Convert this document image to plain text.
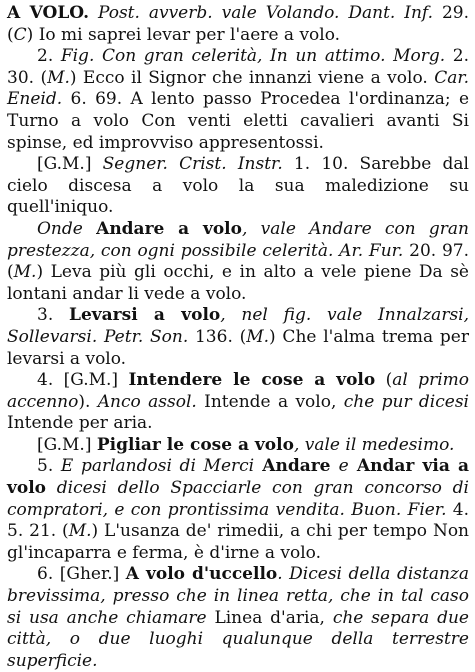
A VOLO. Post. avverb. vale Volando. Dant. Inf. 29. (C) Io mi saprei levar per l'aere a volo.

2. Fig. Con gran celerità, In un attimo. Morg. 2. 30. (M.) Ecco il Signor che innanzi viene a volo. Car. Eneid. 6. 69. A lento passo Procedea l'ordinanza; e Turno a volo Con venti eletti cavalieri avanti Si spinse, ed improvviso appresentossi.

[G.M.] Segner. Crist. Instr. 1. 10. Sarebbe dal cielo discesa a volo la sua maledizione su quell'iniquo.

Onde Andare a volo, vale Andare con gran prestezza, con ogni possibile celerità. Ar. Fur. 20. 97. (M.) Leva più gli occhi, e in alto a vele piene Da sè lontani andar li vede a volo.

3. Levarsi a volo, nel fig. vale Innalzarsi, Sollevarsi. Petr. Son. 136. (M.) Che l'alma trema per levarsi a volo.

4. [G.M.] Intendere le cose a volo (al primo accenno). Anco assol. Intende a volo, che pur dicesi Intende per aria.

[G.M.] Pigliar le cose a volo, vale il medesimo.

5. E parlandosi di Merci Andare e Andar via a volo dicesi dello Spacciarle con gran concorso di compratori, e con prontissima vendita. Buon. Fier. 4. 5. 21. (M.) L'usanza de' rimedii, a chi per tempo Non gl'incaparra e ferma, è d'irne a volo.

6. [Gher.] A volo d'uccello. Dicesi della distanza brevissima, presso che in linea retta, che in tal caso si usa anche chiamare Linea d'aria, che separa due città, o due luoghi qualunque della terrestre superficie.
